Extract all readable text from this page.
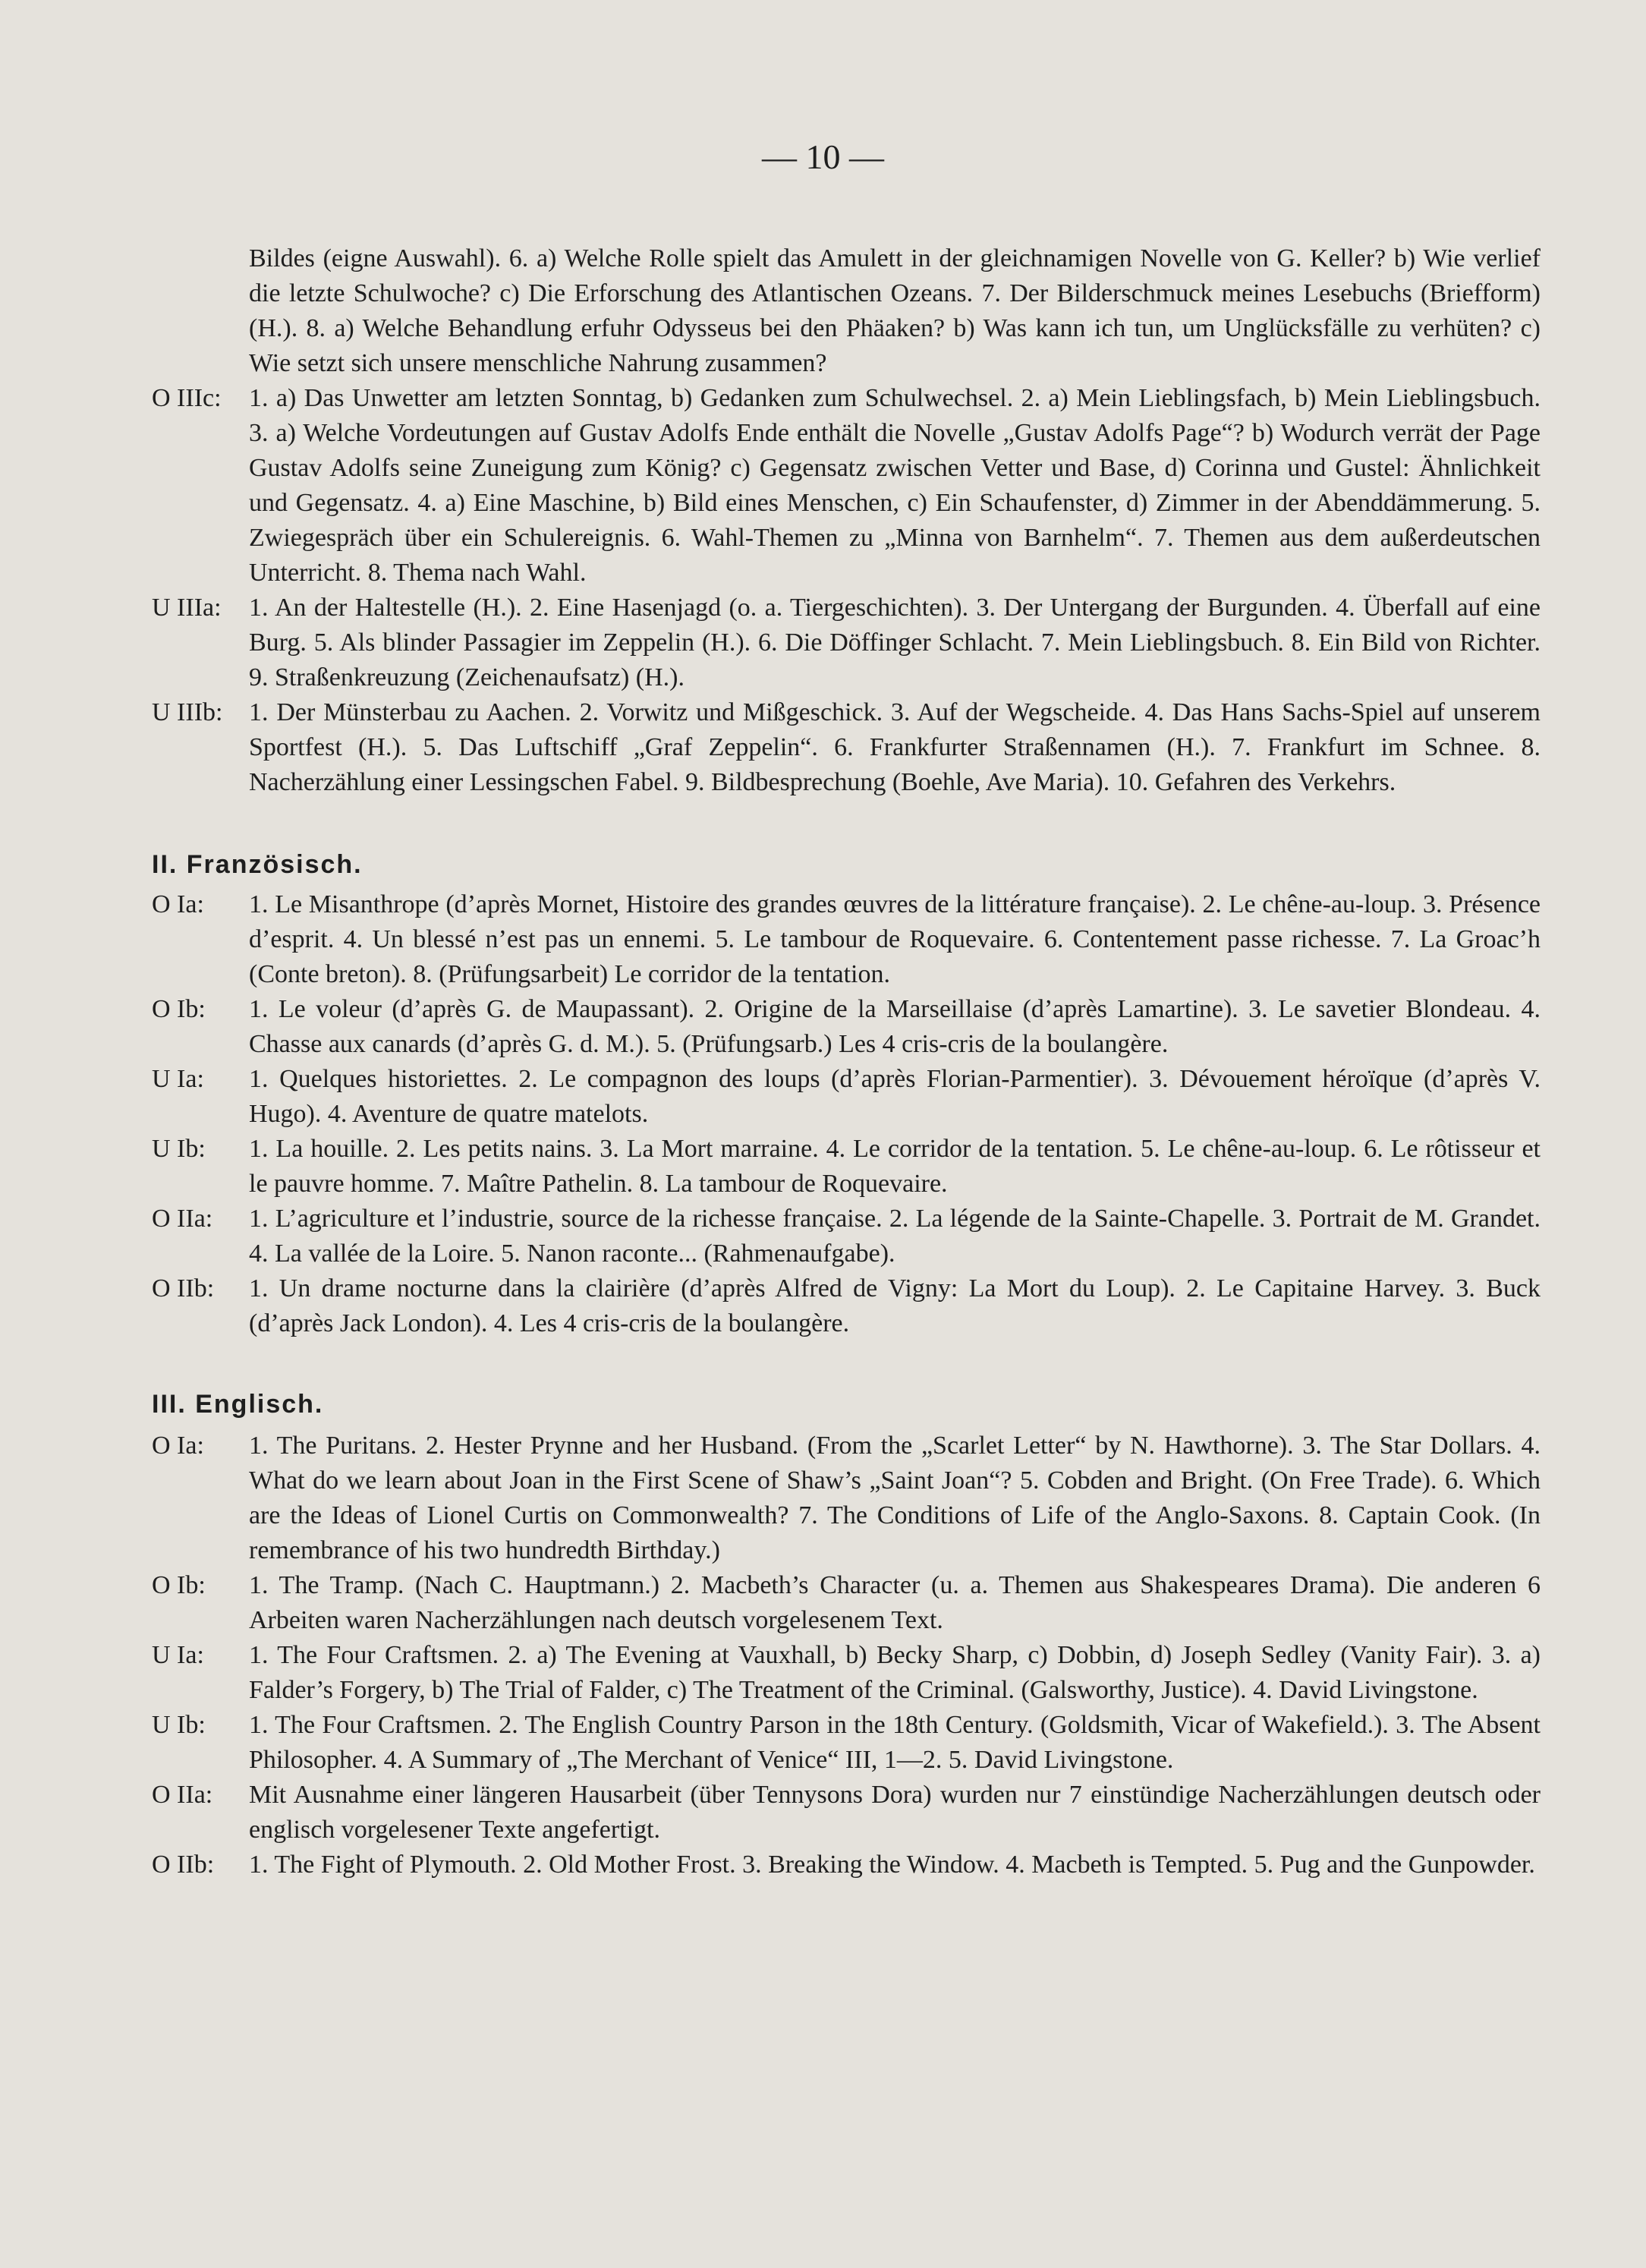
— 10 —
Bildes (eigne Auswahl). 6. a) Welche Rolle spielt das Amulett in der gleichnamigen Novelle von G. Keller? b) Wie verlief die letzte Schulwoche? c) Die Erforschung des Atlantischen Ozeans. 7. Der Bilderschmuck meines Lesebuchs (Briefform) (H.). 8. a) Welche Behandlung erfuhr Odysseus bei den Phäaken? b) Was kann ich tun, um Unglücksfälle zu verhüten? c) Wie setzt sich unsere menschliche Nahrung zusammen?
O IIIc:	1. a) Das Unwetter am letzten Sonntag, b) Gedanken zum Schulwechsel. 2. a) Mein Lieblingsfach, b) Mein Lieblingsbuch. 3. a) Welche Vordeutungen auf Gustav Adolfs Ende enthält die Novelle „Gustav Adolfs Page“? b) Wodurch verrät der Page Gustav Adolfs seine Zuneigung zum König? c) Gegensatz zwischen Vetter und Base, d) Corinna und Gustel: Ähnlichkeit und Gegensatz. 4. a) Eine Maschine, b) Bild eines Menschen, c) Ein Schaufenster, d) Zimmer in der Abenddämmerung. 5. Zwiegespräch über ein Schulereignis. 6. Wahl-Themen zu „Minna von Barnhelm“. 7. Themen aus dem außerdeutschen Unterricht. 8. Thema nach Wahl.
U IIIa:	1. An der Haltestelle (H.). 2. Eine Hasenjagd (o. a. Tiergeschichten). 3. Der Untergang der Burgunden. 4. Überfall auf eine Burg. 5. Als blinder Passagier im Zeppelin (H.). 6. Die Döffinger Schlacht. 7. Mein Lieblingsbuch. 8. Ein Bild von Richter. 9. Straßenkreuzung (Zeichenaufsatz) (H.).
U IIIb:	1. Der Münsterbau zu Aachen. 2. Vorwitz und Mißgeschick. 3. Auf der Wegscheide. 4. Das Hans Sachs-Spiel auf unserem Sportfest (H.). 5. Das Luftschiff „Graf Zeppelin“. 6. Frankfurter Straßennamen (H.). 7. Frankfurt im Schnee. 8. Nacherzählung einer Lessingschen Fabel. 9. Bildbesprechung (Boehle, Ave Maria). 10. Gefahren des Verkehrs.
II. Französisch.
O Ia:	1. Le Misanthrope (d’après Mornet, Histoire des grandes œuvres de la littérature française). 2. Le chêne-au-loup. 3. Présence d’esprit. 4. Un blessé n’est pas un ennemi. 5. Le tambour de Roquevaire. 6. Contentement passe richesse. 7. La Groac’h (Conte breton). 8. (Prüfungsarbeit) Le corridor de la tentation.
O Ib:	1. Le voleur (d’après G. de Maupassant). 2. Origine de la Marseillaise (d’après Lamartine). 3. Le savetier Blondeau. 4. Chasse aux canards (d’après G. d. M.). 5. (Prüfungsarb.) Les 4 cris-cris de la boulangère.
U Ia:	1. Quelques historiettes. 2. Le compagnon des loups (d’après Florian-Parmentier). 3. Dévouement héroïque (d’après V. Hugo). 4. Aventure de quatre matelots.
U Ib:	1. La houille. 2. Les petits nains. 3. La Mort marraine. 4. Le corridor de la tentation. 5. Le chêne-au-loup. 6. Le rôtisseur et le pauvre homme. 7. Maître Pathelin. 8. La tambour de Roquevaire.
O IIa:	1. L’agriculture et l’industrie, source de la richesse française. 2. La légende de la Sainte-Chapelle. 3. Portrait de M. Grandet. 4. La vallée de la Loire. 5. Nanon raconte... (Rahmenaufgabe).
O IIb:	1. Un drame nocturne dans la clairière (d’après Alfred de Vigny: La Mort du Loup). 2. Le Capitaine Harvey. 3. Buck (d’après Jack London). 4. Les 4 cris-cris de la boulangère.
III. Englisch.
O Ia:	1. The Puritans. 2. Hester Prynne and her Husband. (From the „Scarlet Letter“ by N. Hawthorne). 3. The Star Dollars. 4. What do we learn about Joan in the First Scene of Shaw’s „Saint Joan“? 5. Cobden and Bright. (On Free Trade). 6. Which are the Ideas of Lionel Curtis on Commonwealth? 7. The Conditions of Life of the Anglo-Saxons. 8. Captain Cook. (In remembrance of his two hundredth Birthday.)
O Ib:	1. The Tramp. (Nach C. Hauptmann.) 2. Macbeth’s Character (u. a. Themen aus Shakespeares Drama). Die anderen 6 Arbeiten waren Nacherzählungen nach deutsch vorgelesenem Text.
U Ia:	1. The Four Craftsmen. 2. a) The Evening at Vauxhall, b) Becky Sharp, c) Dobbin, d) Joseph Sedley (Vanity Fair). 3. a) Falder’s Forgery, b) The Trial of Falder, c) The Treatment of the Criminal. (Galsworthy, Justice). 4. David Livingstone.
U Ib:	1. The Four Craftsmen. 2. The English Country Parson in the 18th Century. (Goldsmith, Vicar of Wakefield.). 3. The Absent Philosopher. 4. A Summary of „The Merchant of Venice“ III, 1—2. 5. David Livingstone.
O IIa:	Mit Ausnahme einer längeren Hausarbeit (über Tennysons Dora) wurden nur 7 einstündige Nacherzählungen deutsch oder englisch vorgelesener Texte angefertigt.
O IIb:	1. The Fight of Plymouth. 2. Old Mother Frost. 3. Breaking the Window. 4. Macbeth is Tempted. 5. Pug and the Gunpowder.
